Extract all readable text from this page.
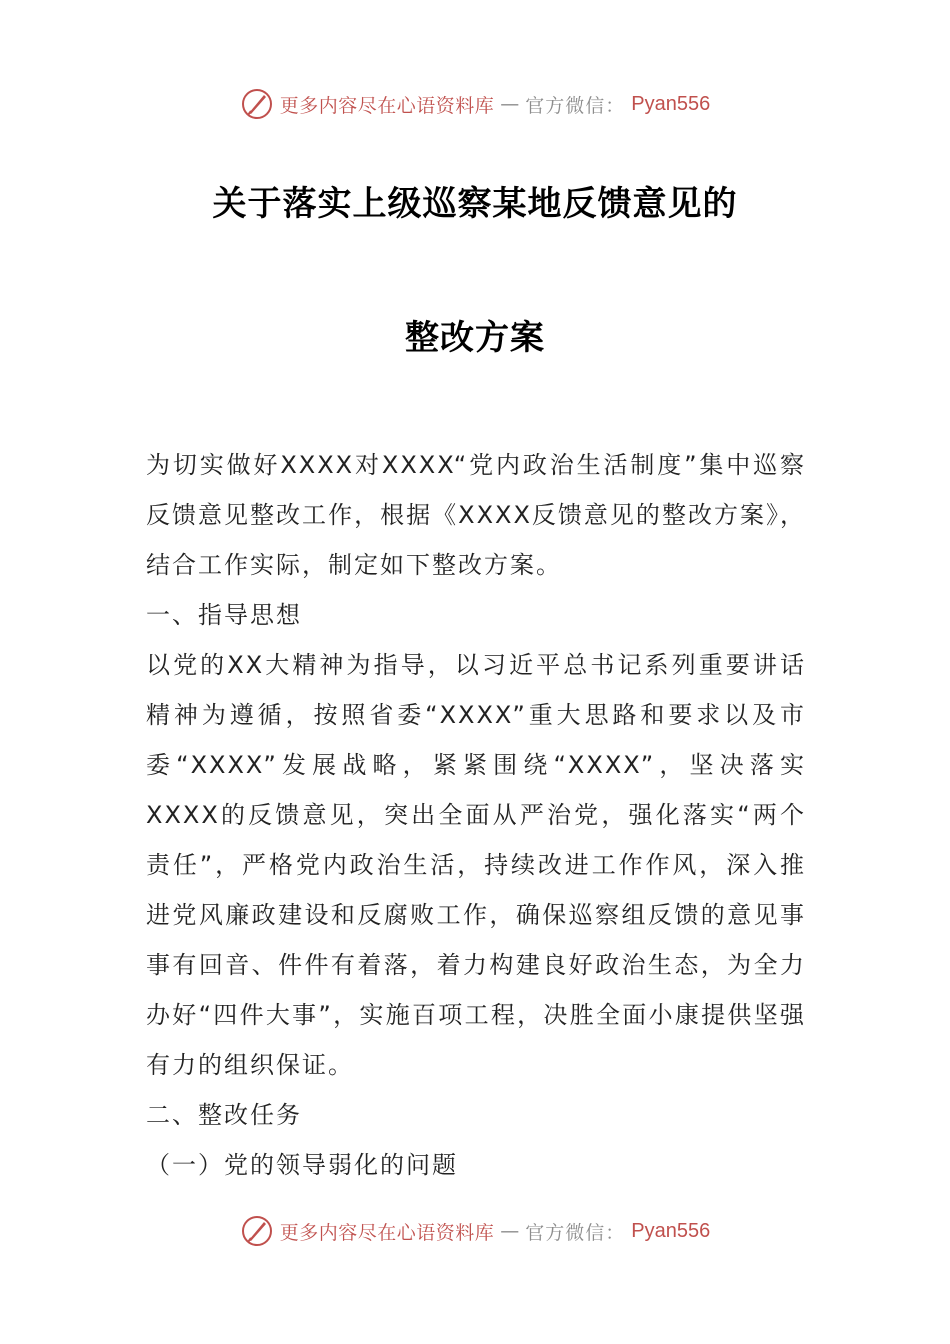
更多内容尽在心语资料库 — 官方微信： Pyan556
关于落实上级巡察某地反馈意见的
整改方案

为切实做好XXXX对XXXX“党内政治生活制度”集中巡察反馈意见整改工作，根据《XXXX反馈意见的整改方案》，结合工作实际，制定如下整改方案。

一、指导思想

以党的XX大精神为指导，以习近平总书记系列重要讲话精神为遵循，按照省委“XXXX”重大思路和要求以及市委“XXXX”发展战略，紧紧围绕“XXXX”，坚决落实XXXX的反馈意见，突出全面从严治党，强化落实“两个责任”，严格党内政治生活，持续改进工作作风，深入推进党风廉政建设和反腐败工作，确保巡察组反馈的意见事事有回音、件件有着落，着力构建良好政治生态，为全力办好“四件大事”，实施百项工程，决胜全面小康提供坚强有力的组织保证。

二、整改任务

（一）党的领导弱化的问题

更多内容尽在心语资料库 — 官方微信： Pyan556
